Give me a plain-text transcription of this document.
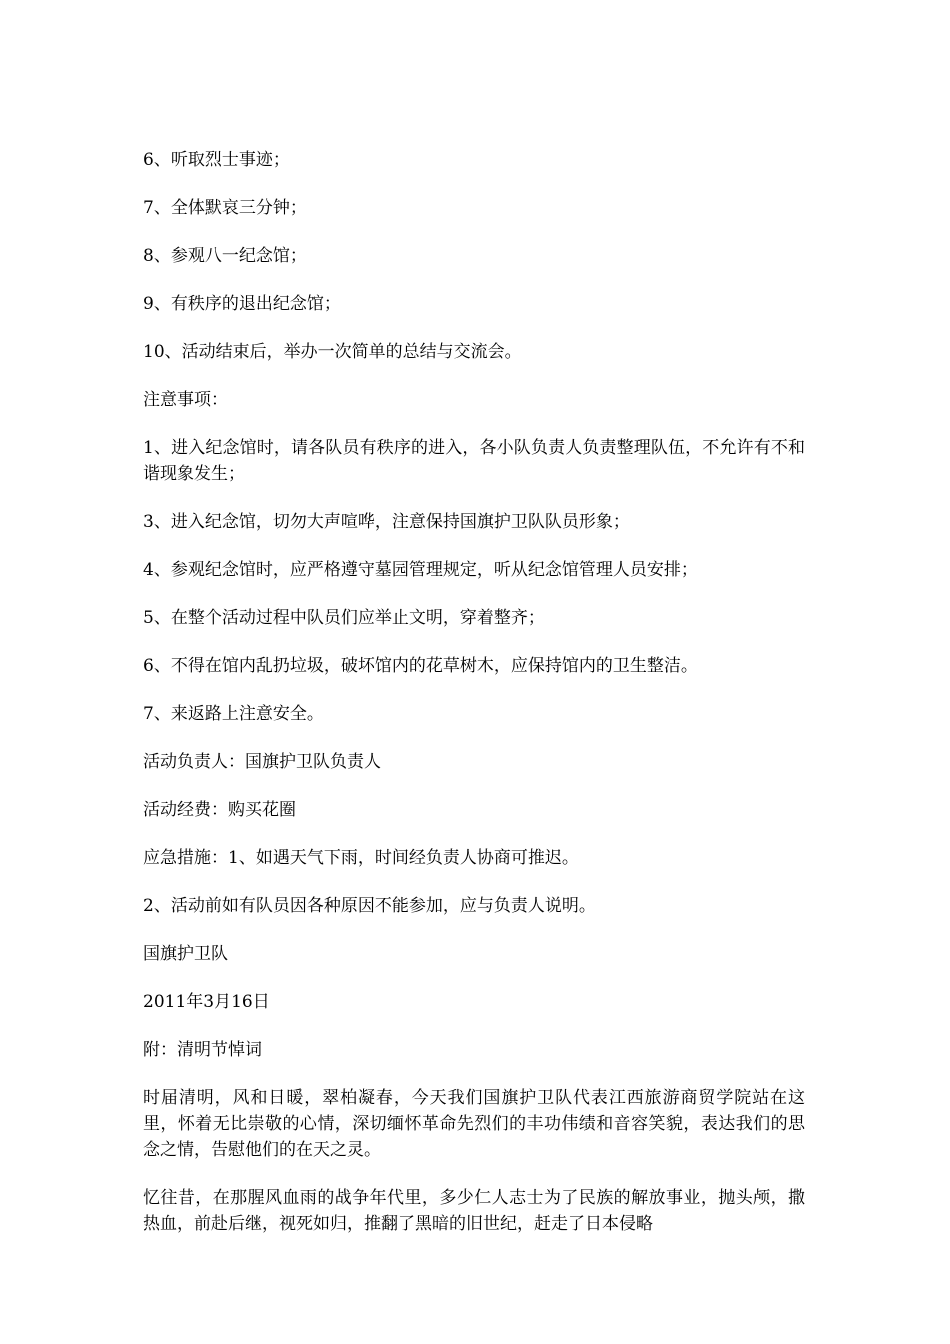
6、听取烈士事迹；

7、全体默哀三分钟；

8、参观八一纪念馆；

9、有秩序的退出纪念馆；

10、活动结束后，举办一次简单的总结与交流会。

注意事项：

1、进入纪念馆时，请各队员有秩序的进入，各小队负责人负责整理队伍，不允许有不和谐现象发生；

3、进入纪念馆，切勿大声喧哗，注意保持国旗护卫队队员形象；

4、参观纪念馆时，应严格遵守墓园管理规定，听从纪念馆管理人员安排；

5、在整个活动过程中队员们应举止文明，穿着整齐；

6、不得在馆内乱扔垃圾，破坏馆内的花草树木，应保持馆内的卫生整洁。

7、来返路上注意安全。

活动负责人：国旗护卫队负责人

活动经费：购买花圈

应急措施：1、如遇天气下雨，时间经负责人协商可推迟。

2、活动前如有队员因各种原因不能参加，应与负责人说明。

国旗护卫队

2011年3月16日

附：清明节悼词

时届清明，风和日暖，翠柏凝春，今天我们国旗护卫队代表江西旅游商贸学院站在这里，怀着无比崇敬的心情，深切缅怀革命先烈们的丰功伟绩和音容笑貌，表达我们的思念之情，告慰他们的在天之灵。

忆往昔，在那腥风血雨的战争年代里，多少仁人志士为了民族的解放事业，抛头颅，撒热血，前赴后继，视死如归，推翻了黑暗的旧世纪，赶走了日本侵略
